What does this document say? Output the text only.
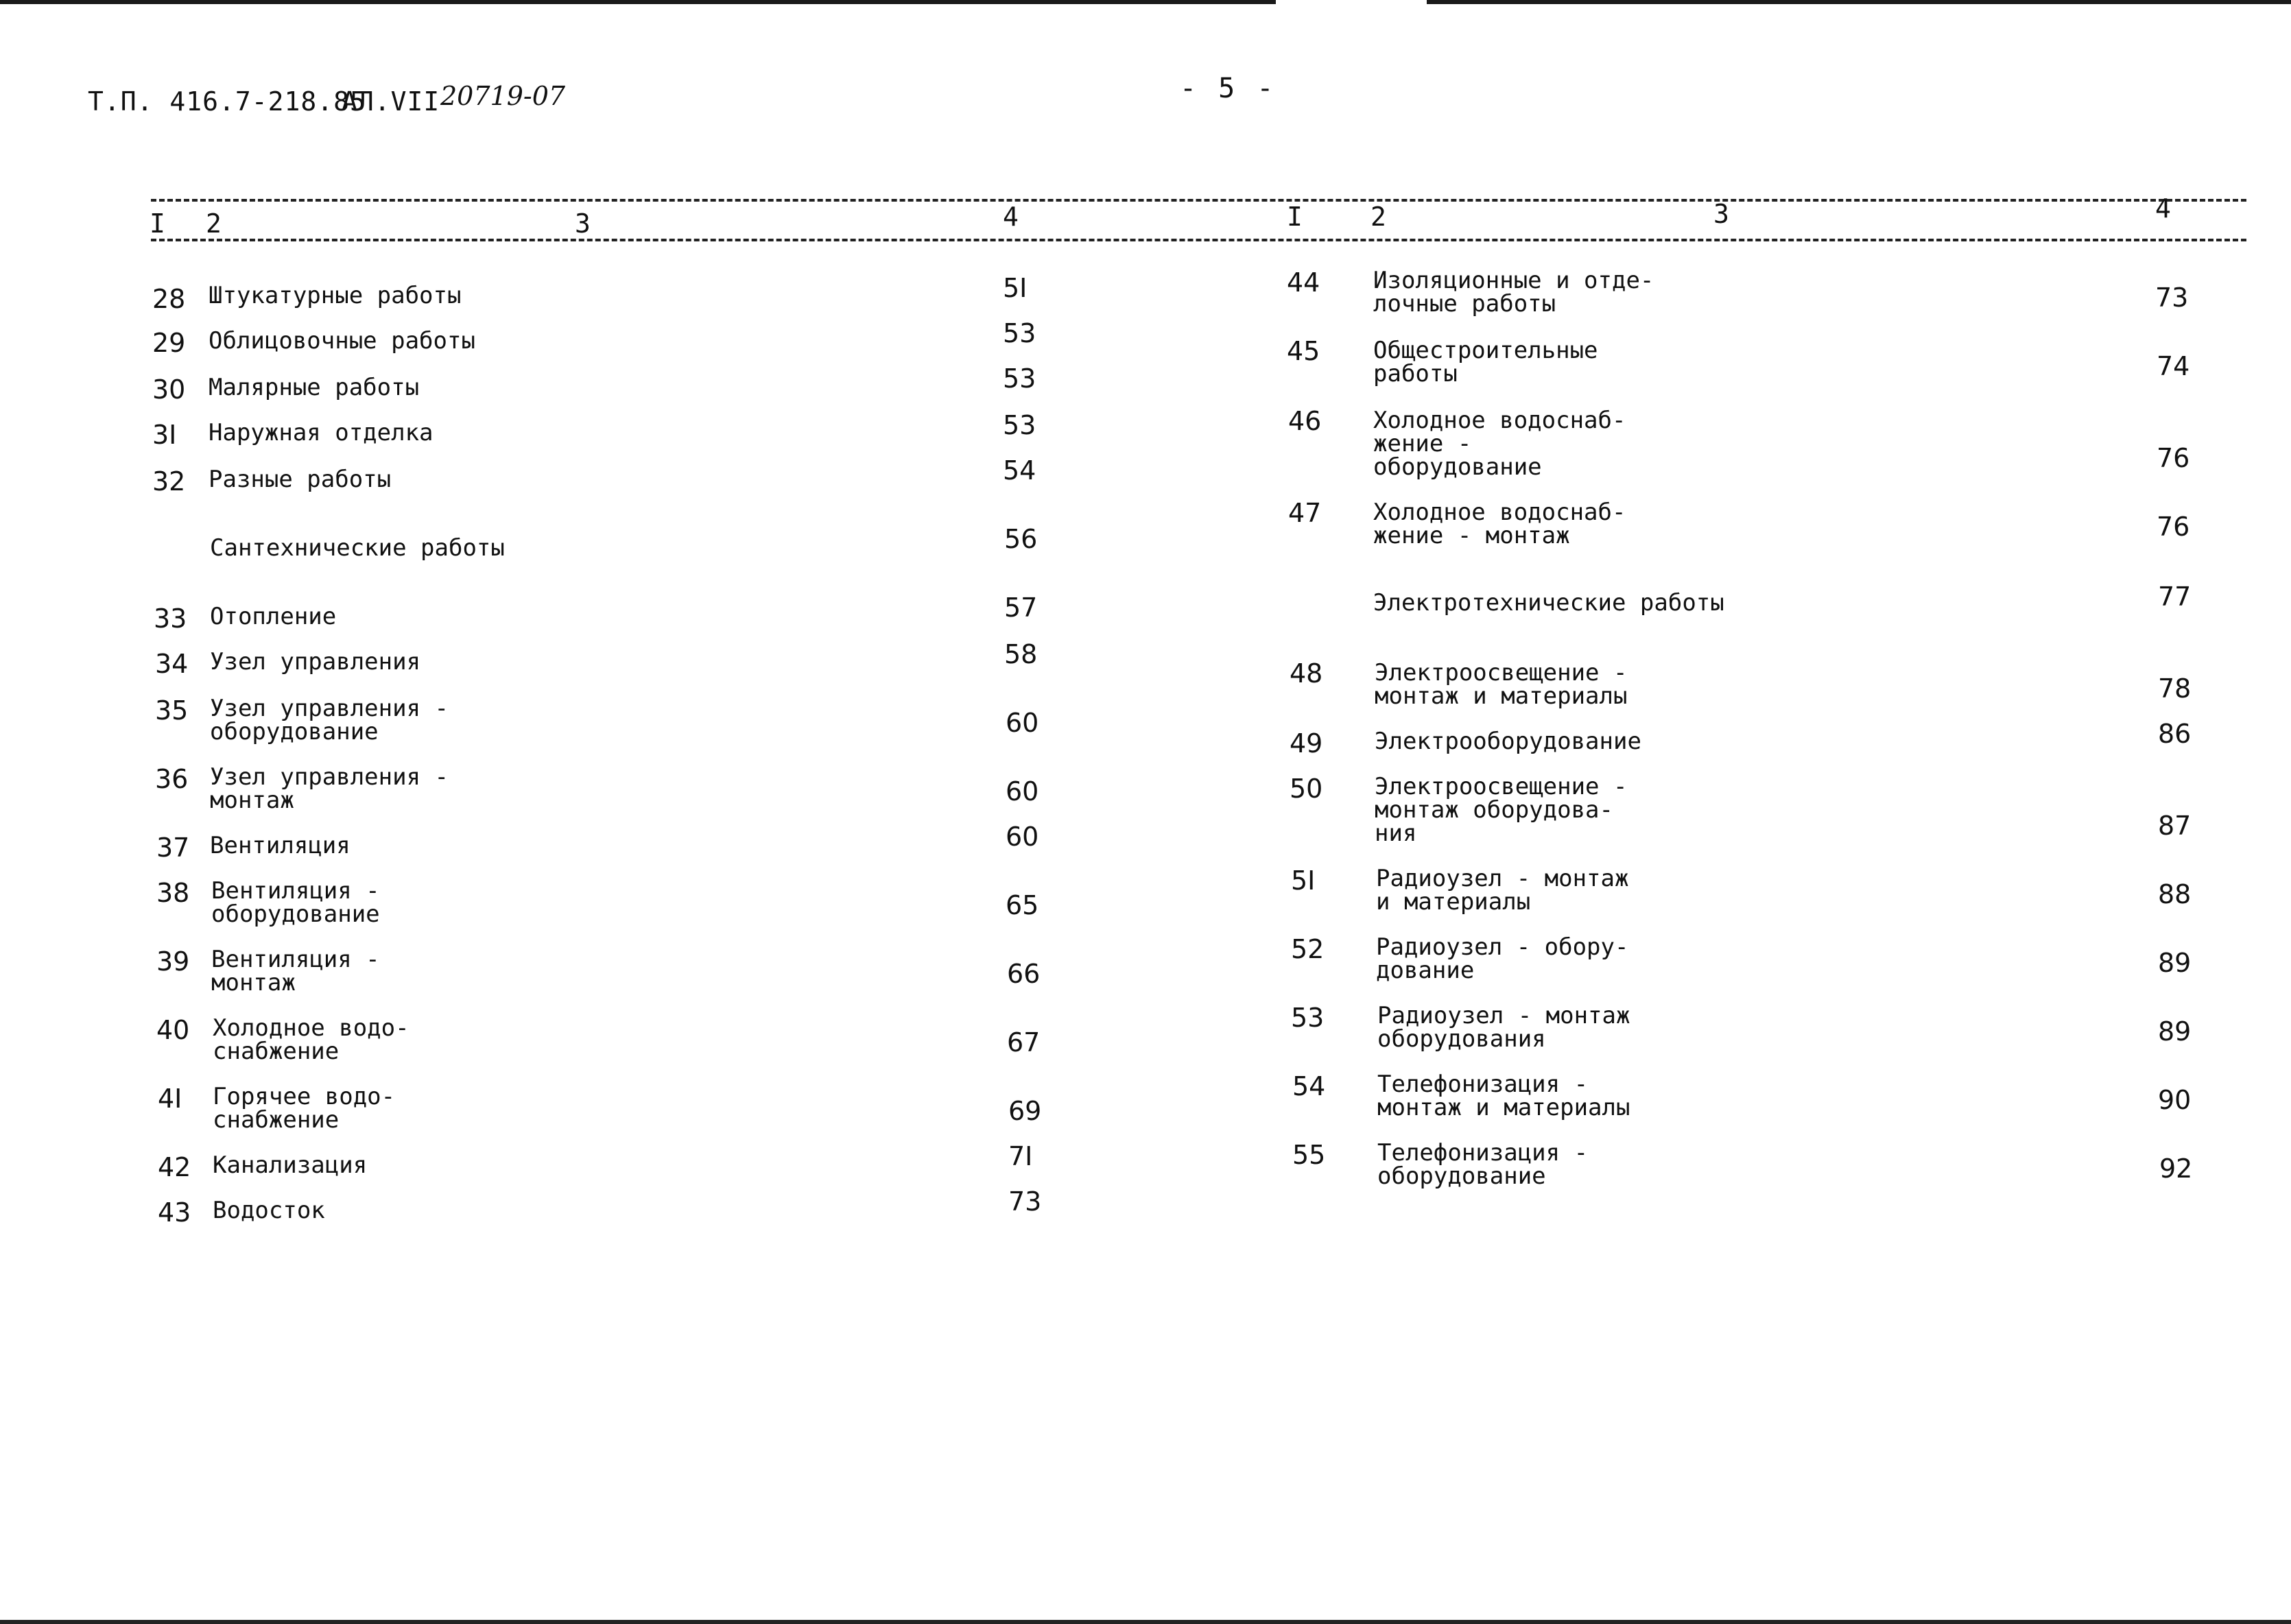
Т.П. 416.7-218.85
АЛ.VII 20719-07	- 5 -
I 2	3	4	I	2	3	4
28 Штукатурные работы	5I
29 Облицовочные работы	53
30 Малярные работы	53
3I Наружная отделка	53
32 Разные работы	54
Сантехнические работы	56
33 Отопление	57
34 Узел управления	58
35 Узел управления -
оборудование	60
36 Узел управления -
монтаж	60
37 Вентиляция	60
38 Вентиляция -
оборудование	65
39 Вентиляция -
монтаж	66
40 Холодное водо-
снабжение	67
4I Горячее водо-
снабжение	69
42 Канализация	7I
43 Водосток	73
44 Изоляционные и отде-
лочные работы	73
45 Общестроительные
работы	74
46 Холодное водоснаб-
жение -
оборудование	76
47 Холодное водоснаб-
жение - монтаж	76
Электротехнические работы	77
48 Электроосвещение -
монтаж и материалы	78
49 Электрооборудование	86
50 Электроосвещение -
монтаж оборудова-
ния	87
5I	Радиоузел - монтаж
и материалы	88
52 Радиоузел - обору-
дование	89
53 Радиоузел - монтаж
оборудования	89
54 Телефонизация -
монтаж и материалы	90
55 Телефонизация -
оборудование	92
